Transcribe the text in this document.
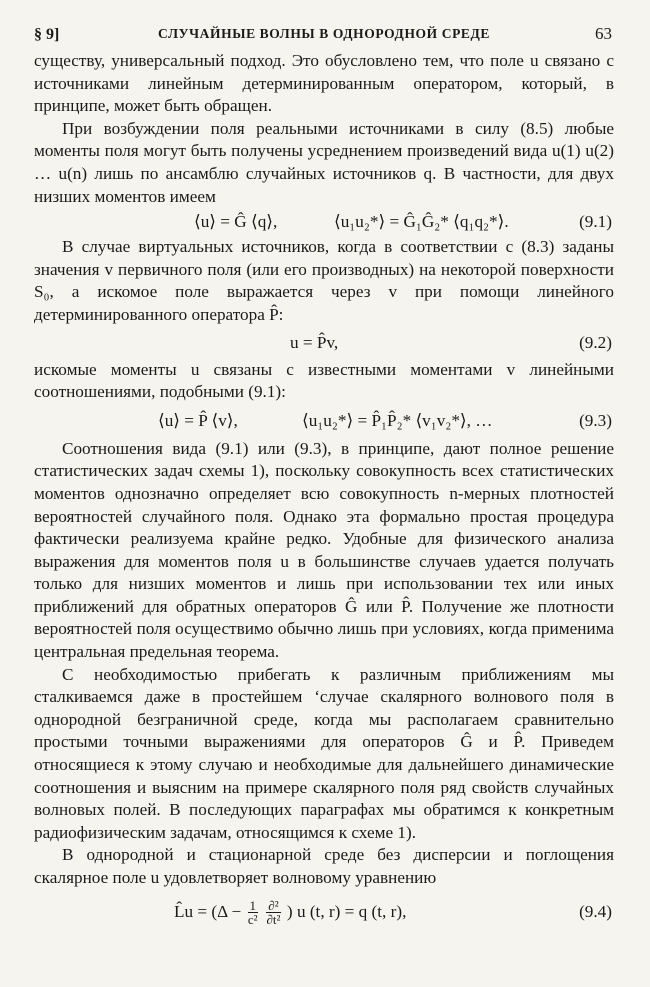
§ 9]	СЛУЧАЙНЫЕ ВОЛНЫ В ОДНОРОДНОЙ СРЕДЕ	63

существу, универсальный подход. Это обусловлено тем, что поле u связано с источниками линейным детерминированным оператором, который, в принципе, может быть обращен.

При возбуждении поля реальными источниками в силу (8.5) любые моменты поля могут быть получены усреднением произведений вида u(1) u(2) … u(n) лишь по ансамблю случайных источников q. В частности, для двух низших моментов имеем

⟨u⟩ = Ĝ ⟨q⟩,	⟨u₁u₂*⟩ = Ĝ₁Ĝ₂* ⟨q₁q₂*⟩.	(9.1)

В случае виртуальных источников, когда в соответствии с (8.3) заданы значения v первичного поля (или его производных) на некоторой поверхности S₀, а искомое поле выражается через v при помощи линейного детерминированного оператора P̂:

u = P̂v,	(9.2)

искомые моменты u связаны с известными моментами v линейными соотношениями, подобными (9.1):

⟨u⟩ = P̂ ⟨v⟩,	⟨u₁u₂*⟩ = P̂₁P̂₂* ⟨v₁v₂*⟩, …	(9.3)

Соотношения вида (9.1) или (9.3), в принципе, дают полное решение статистических задач схемы 1), поскольку совокупность всех статистических моментов однозначно определяет всю совокупность n-мерных плотностей вероятностей случайного поля. Однако эта формально простая процедура фактически реализуема крайне редко. Удобные для физического анализа выражения для моментов поля u в большинстве случаев удается получать только для низших моментов и лишь при использовании тех или иных приближений для обратных операторов Ĝ или P̂. Получение же плотности вероятностей поля осуществимо обычно лишь при условиях, когда применима центральная предельная теорема.

С необходимостью прибегать к различным приближениям мы сталкиваемся даже в простейшем ʻслучае скалярного волнового поля в однородной безграничной среде, когда мы располагаем сравнительно простыми точными выражениями для операторов Ĝ и P̂. Приведем относящиеся к этому случаю и необходимые для дальнейшего динамические соотношения и выясним на примере скалярного поля ряд свойств случайных волновых полей. В последующих параграфах мы обратимся к конкретным радиофизическим задачам, относящимся к схеме 1).

В однородной и стационарной среде без дисперсии и поглощения скалярное поле u удовлетворяет волновому уравнению

L̂u = ($\Delta - \frac{1}{\text{c²}}$
$\frac{\text{∂²}}{\text{∂t²}}$ ) u (t, r) = q (t, r),	(9.4)
